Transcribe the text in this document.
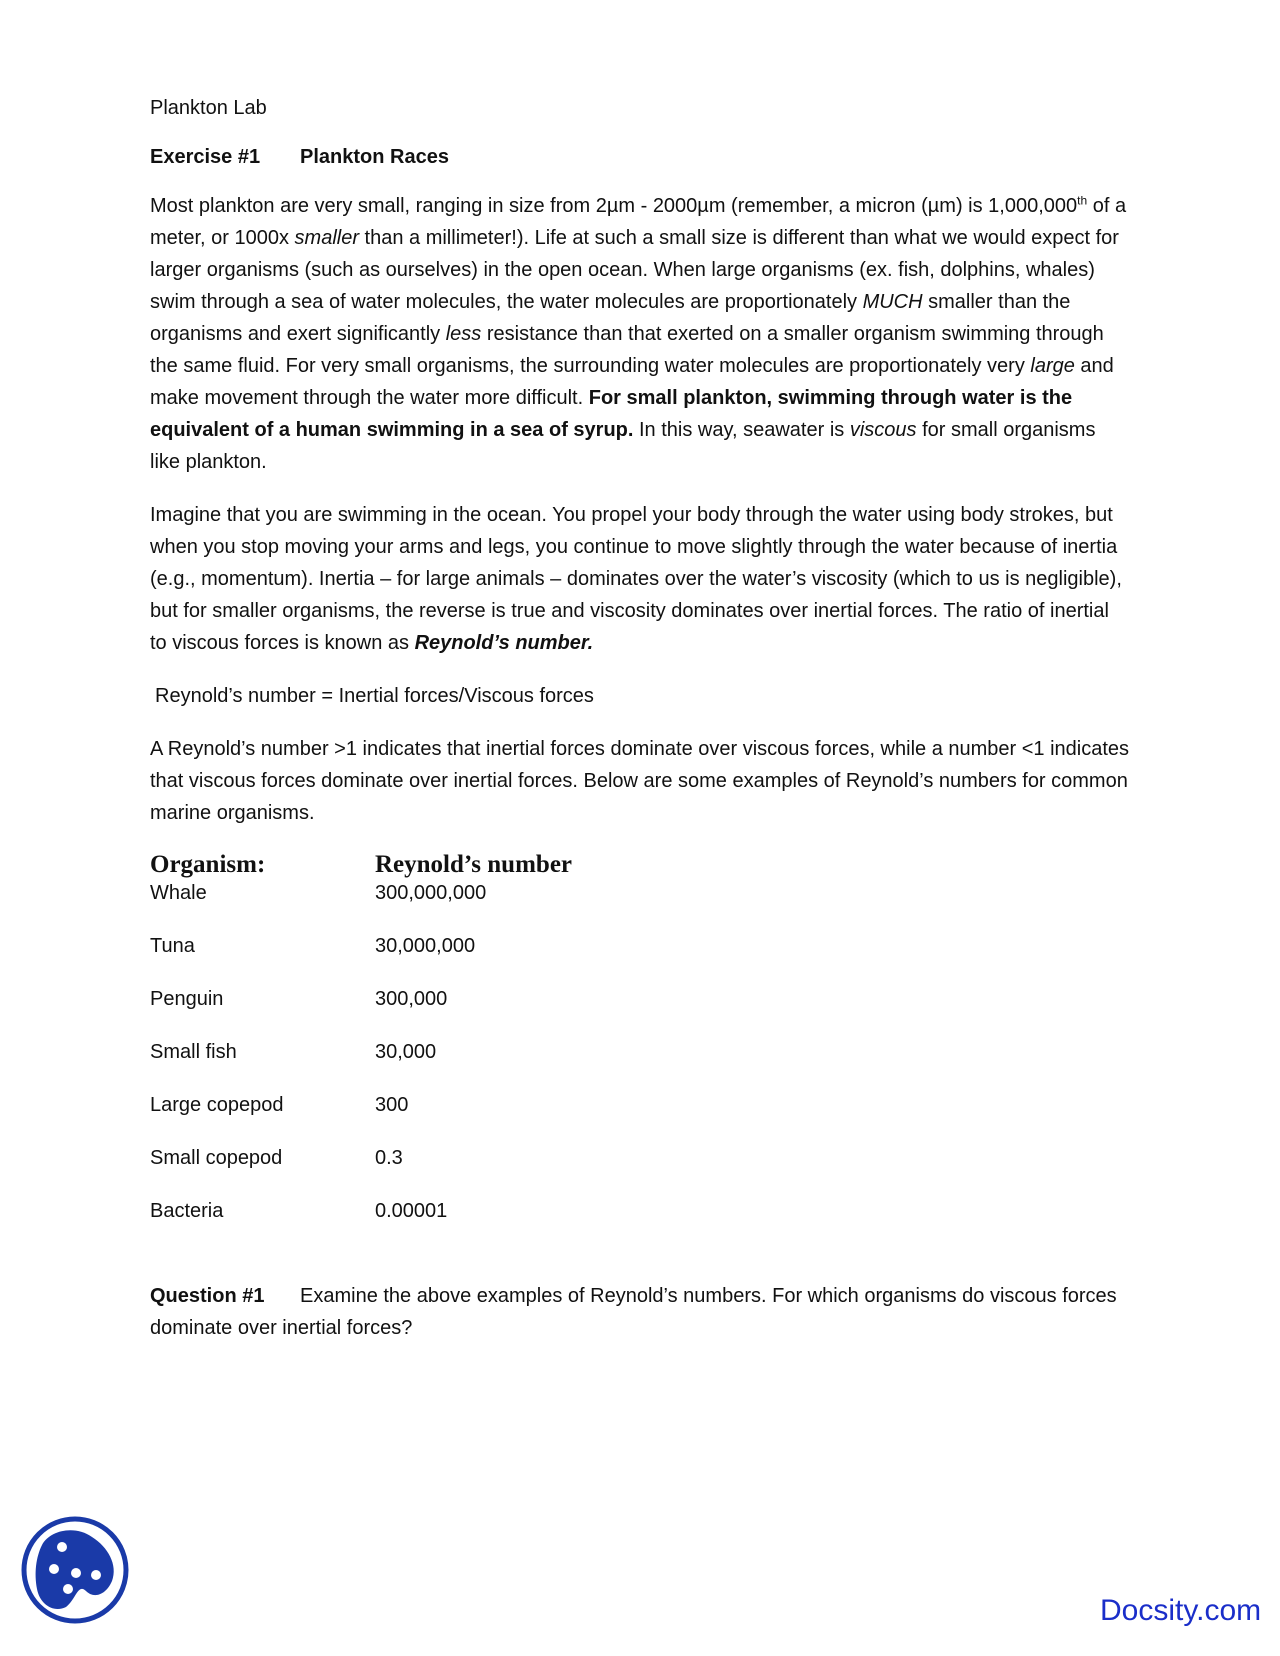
Plankton Lab
Exercise #1 Plankton Races

Most plankton are very small, ranging in size from 2µm - 2000µm (remember, a micron (µm) is 1,000,000th of a meter, or 1000x smaller than a millimeter!). Life at such a small size is different than what we would expect for larger organisms (such as ourselves) in the open ocean. When large organisms (ex. fish, dolphins, whales) swim through a sea of water molecules, the water molecules are proportionately MUCH smaller than the organisms and exert significantly less resistance than that exerted on a smaller organism swimming through the same fluid. For very small organisms, the surrounding water molecules are proportionately very large and make movement through the water more difficult. For small plankton, swimming through water is the equivalent of a human swimming in a sea of syrup. In this way, seawater is viscous for small organisms like plankton.

Imagine that you are swimming in the ocean. You propel your body through the water using body strokes, but when you stop moving your arms and legs, you continue to move slightly through the water because of inertia (e.g., momentum). Inertia – for large animals – dominates over the water’s viscosity (which to us is negligible), but for smaller organisms, the reverse is true and viscosity dominates over inertial forces. The ratio of inertial to viscous forces is known as Reynold’s number.

Reynold’s number = Inertial forces/Viscous forces

A Reynold’s number >1 indicates that inertial forces dominate over viscous forces, while a number <1 indicates that viscous forces dominate over inertial forces. Below are some examples of Reynold’s numbers for common marine organisms.

Organism:	Reynold’s number
Whale	300,000,000
Tuna	30,000,000
Penguin	300,000
Small fish	30,000
Large copepod	300
Small copepod	0.3
Bacteria	0.00001
Question #1 Examine the above examples of Reynold’s numbers. For which organisms do viscous forces dominate over inertial forces?
Docsity.com
